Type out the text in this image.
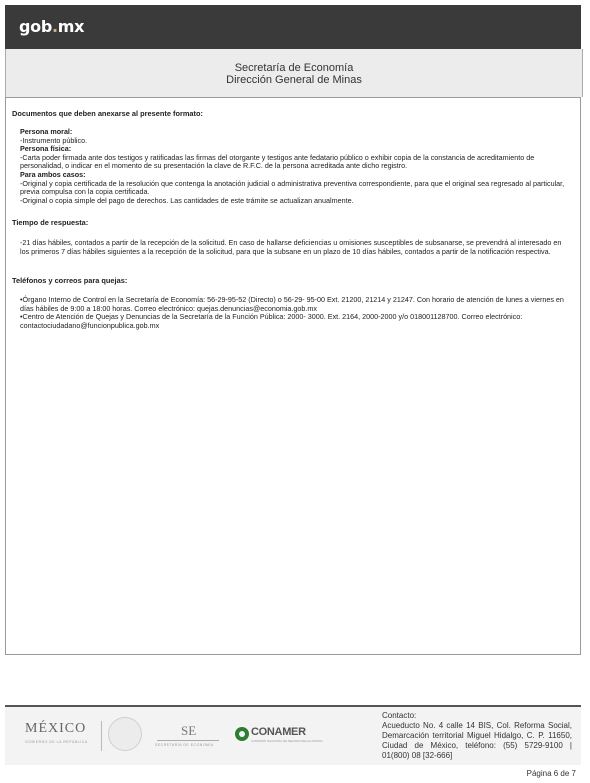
gob.mx
Secretaría de Economía
Dirección General de Minas
Documentos que deben anexarse al presente formato:
Persona moral:
-Instrumento público.
Persona física:
-Carta poder firmada ante dos testigos y ratificadas las firmas del otorgante y testigos ante fedatario público o exhibir copia de la constancia de acreditamiento de personalidad, o indicar en el momento de su presentación la clave de R.F.C. de la persona acreditada ante dicho registro.
Para ambos casos:
-Original y copia certificada de la resolución que contenga la anotación judicial o administrativa preventiva correspondiente, para que el original sea regresado al particular, previa compulsa con la copia certificada.
-Original o copia simple del pago de derechos. Las cantidades de este trámite se actualizan anualmente.
Tiempo de respuesta:
-21 días hábiles, contados a partir de la recepción de la solicitud. En caso de hallarse deficiencias u omisiones susceptibles de subsanarse, se prevendrá al interesado en los primeros 7 días hábiles siguientes a la recepción de la solicitud, para que la subsane en un plazo de 10 días hábiles, contados a partir de la notificación respectiva.
Teléfonos y correos para quejas:
•Órgano Interno de Control en la Secretaría de Economía: 56-29-95-52 (Directo) o 56-29- 95-00 Ext. 21200, 21214 y 21247. Con horario de atención de lunes a viernes en días hábiles de 9:00 a 18:00 horas. Correo electrónico: quejas.denuncias@economia.gob.mx
•Centro de Atención de Quejas y Denuncias de la Secretaría de la Función Pública: 2000- 3000. Ext. 2164, 2000-2000 y/o 018001128700. Correo electrónico: contactociudadano@funcionpublica.gob.mx
MÉXICO
GOBIERNO DE LA REPÚBLICA
SE
SECRETARÍA DE ECONOMÍA
CONAMER
COMISIÓN NACIONAL DE MEJORA REGULATORIA
Contacto:
Acueducto No. 4 calle 14 BIS, Col. Reforma Social, Demarcación territorial Miguel Hidalgo, C. P. 11650, Ciudad de México, teléfono: (55) 5729-9100 | 01(800) 08 [32-666]
Página 6 de 7
